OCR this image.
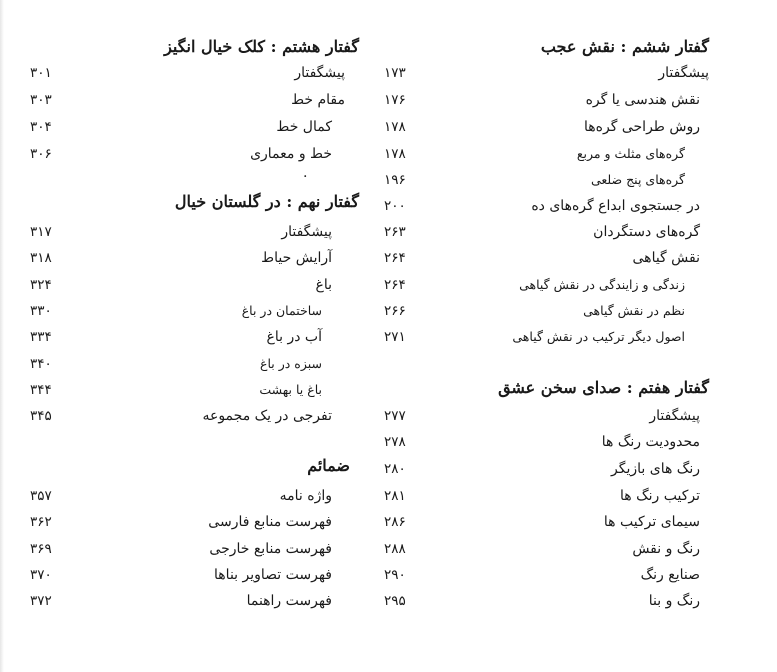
گفتار ششم : نقش عجب
پیشگفتار
نقش هندسی یا گره
روش طراحی گره‌ها
گره‌های مثلث و مربع
گره‌های پنج ضلعی
در جستجوی ابداع گره‌های ده
گره‌های دستگردان
نقش گیاهی
زندگی و زایندگی در نقش گیاهی
نظم در نقش گیاهی
اصول دیگر ترکیب در نقش گیاهی
گفتار هفتم : صدای سخن عشق
پیشگفتار
محدودیت رنگ ها
رنگ های بازیگر
ترکیب رنگ ها
سیمای ترکیب ها
رنگ و نقش
صنایع رنگ
رنگ و بنا
۱۷۳
۱۷۶
۱۷۸
۱۷۸
۱۹۶
۲۰۰
۲۶۳
۲۶۴
۲۶۴
۲۶۶
۲۷۱
۲۷۷
۲۷۸
۲۸۰
۲۸۱
۲۸۶
۲۸۸
۲۹۰
۲۹۵
گفتار هشتم : کلک خیال انگیز
پیشگفتار
مقام خط
کمال خط
خط و معماری
.
گفتار نهم : در گلستان خیال
پیشگفتار
آرایش حیاط
باغ
ساختمان در باغ
آب در باغ
سبزه در باغ
باغ یا بهشت
تفرجی در یک مجموعه
ضمائم
واژه نامه
فهرست منابع فارسی
فهرست منابع خارجی
فهرست تصاویر بناها
فهرست راهنما
۳۰۱
۳۰۳
۳۰۴
۳۰۶
۳۱۷
۳۱۸
۳۲۴
۳۳۰
۳۳۴
۳۴۰
۳۴۴
۳۴۵
۳۵۷
۳۶۲
۳۶۹
۳۷۰
۳۷۲
